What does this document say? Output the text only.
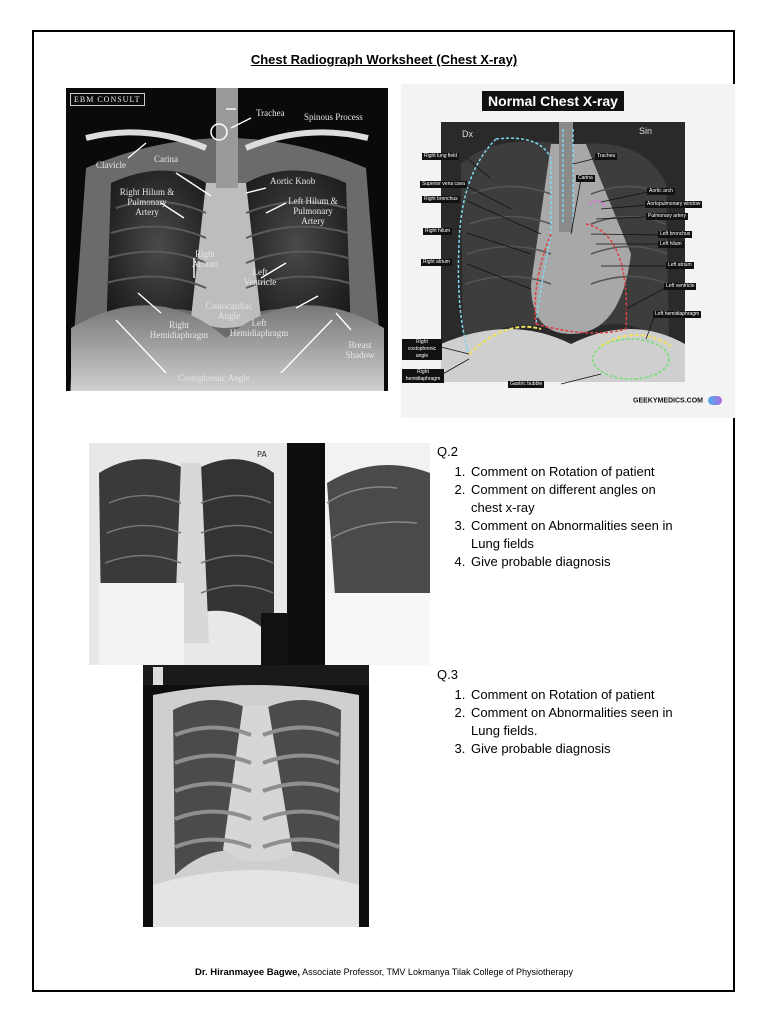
Chest Radiograph Worksheet (Chest X-ray)
EBM CONSULT
Trachea Spinous Process
Clavicle
Carina
Aortic Knob
Right Hilum & Pulmonary Artery
Left Hilum & Pulmonary Artery
Right Atrium
Left Ventricle
Costocardiac Angle
Right Hemidiaphragm
Left Hemidiaphragm
Breast Shadow
Costophrenic Angle
Normal Chest X-ray
Dx	Sin
Right lung field
Superior vena cava
Right bronchus
Right hilum
Right atrium
Right costophrenic angle
Right hemidiaphragm
Trachea
Carina
Aortic arch
Aortopulmonary window
Pulmonary artery
Left bronchus
Left hilum
Left atrium
Left ventricle
Left hemidiaphragm
Gastric bubble
GEEKYMEDICS.COM
PA	Q.2
1. Comment on Rotation of patient
2. Comment on different angles on chest x-ray
3. Comment on Abnormalities seen in Lung fields
4. Give probable diagnosis
Q.3
1. Comment on Rotation of patient
2. Comment on Abnormalities seen in Lung fields.
3. Give probable diagnosis
Dr. Hiranmayee Bagwe, Associate Professor, TMV Lokmanya Tilak College of Physiotherapy
